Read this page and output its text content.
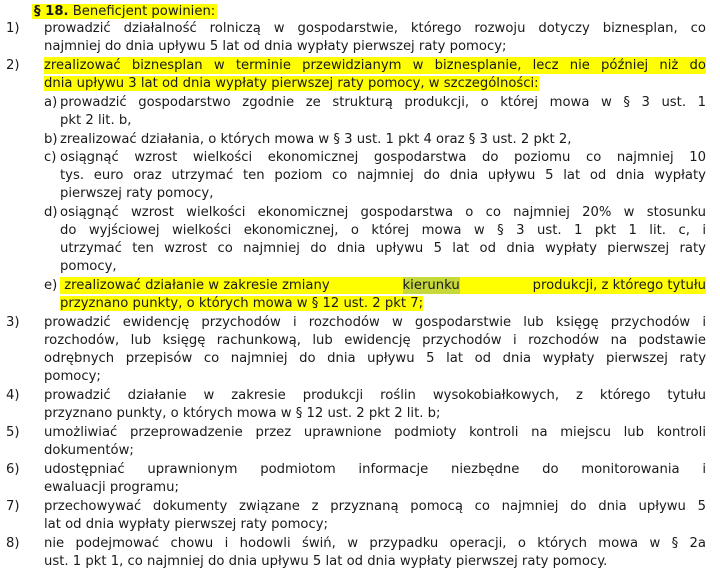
§ 18. Beneficjent powinien:
1) prowadzić działalność rolniczą w gospodarstwie, którego rozwoju dotyczy biznesplan, co
najmniej do dnia upływu 5 lat od dnia wypłaty pierwszej raty pomocy;
2) zrealizować biznesplan w terminie przewidzianym w biznesplanie, lecz nie później niż do
dnia upływu 3 lat od dnia wypłaty pierwszej raty pomocy, w szczególności:
a) prowadzić gospodarstwo zgodnie ze strukturą produkcji, o której mowa w § 3 ust. 1
pkt 2 lit. b,
b) zrealizować działania, o których mowa w § 3 ust. 1 pkt 4 oraz § 3 ust. 2 pkt 2,
c) osiągnąć wzrost wielkości ekonomicznej gospodarstwa do poziomu co najmniej 10
tys. euro oraz utrzymać ten poziom co najmniej do dnia upływu 5 lat od dnia wypłaty
pierwszej raty pomocy,
d) osiągnąć wzrost wielkości ekonomicznej gospodarstwa o co najmniej 20% w stosunku
do wyjściowej wielkości ekonomicznej, o której mowa w § 3 ust. 1 pkt 1 lit. c, i
utrzymać ten wzrost co najmniej do dnia upływu 5 lat od dnia wypłaty pierwszej raty
pomocy,
e) zrealizować działanie w zakresie zmiany	kierunku	produkcji, z którego tytułu
przyznano punkty, o których mowa w § 12 ust. 2 pkt 7;
3) prowadzić ewidencję przychodów i rozchodów w gospodarstwie lub księgę przychodów i
rozchodów, lub księgę rachunkową, lub ewidencję przychodów i rozchodów na podstawie
odrębnych przepisów co najmniej do dnia upływu 5 lat od dnia wypłaty pierwszej raty
pomocy;
4) prowadzić działanie w zakresie produkcji roślin wysokobiałkowych, z którego tytułu
przyznano punkty, o których mowa w § 12 ust. 2 pkt 2 lit. b;
5) umożliwiać przeprowadzenie przez uprawnione podmioty kontroli na miejscu lub kontroli
dokumentów;
6) udostępniać uprawnionym podmiotom informacje niezbędne do monitorowania i
ewaluacji programu;
7) przechowywać dokumenty związane z przyznaną pomocą co najmniej do dnia upływu 5
lat od dnia wypłaty pierwszej raty pomocy;
8) nie podejmować chowu i hodowli świń, w przypadku operacji, o których mowa w § 2a
ust. 1 pkt 1, co najmniej do dnia upływu 5 lat od dnia wypłaty pierwszej raty pomocy.
